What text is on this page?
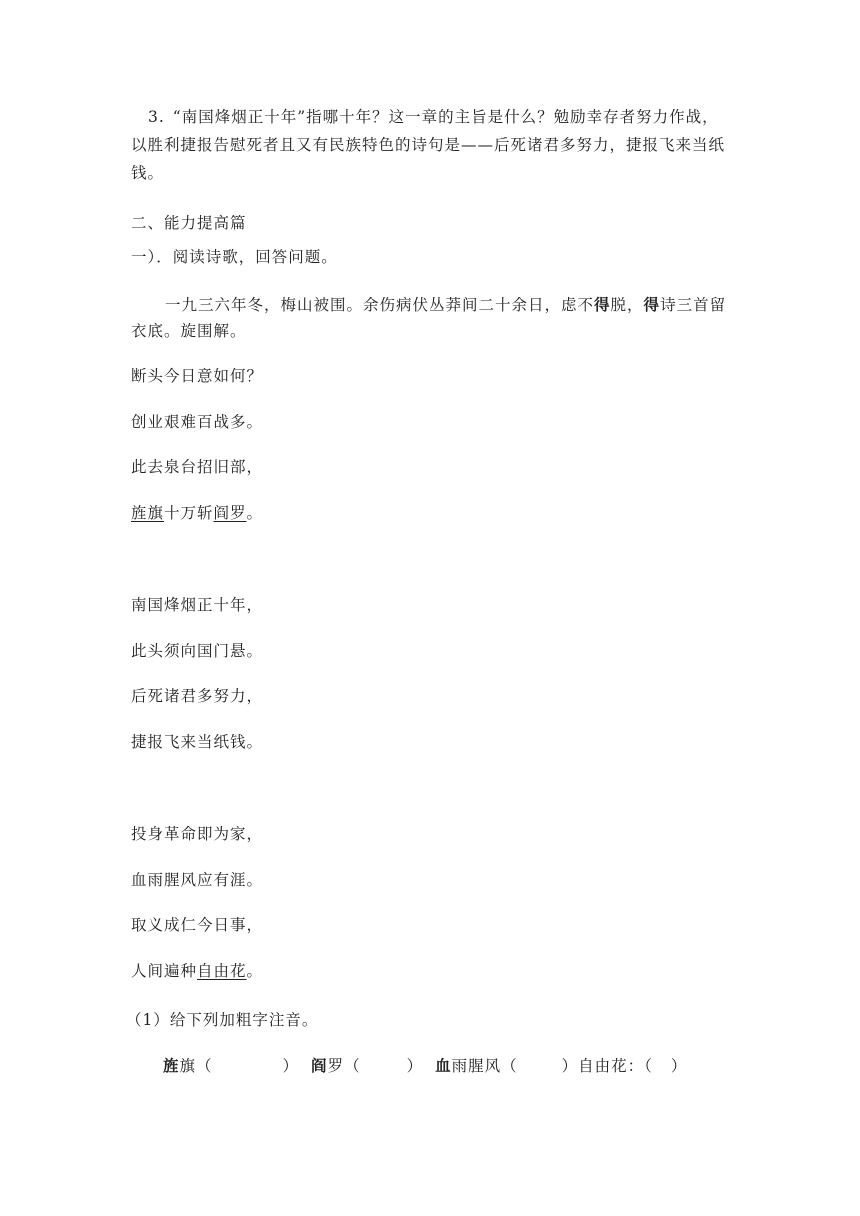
3. “南国烽烟正十年”指哪十年？这一章的主旨是什么？勉励幸存者努力作战，以胜利捷报告慰死者且又有民族特色的诗句是——后死诸君多努力，捷报飞来当纸钱。

二、能力提高篇

一）．阅读诗歌，回答问题。

一九三六年冬，梅山被围。余伤病伏丛莽间二十余日，虑不得脱，得诗三首留衣底。旋围解。

断头今日意如何？

创业艰难百战多。

此去泉台招旧部，

旌旗十万斩阎罗。

南国烽烟正十年，

此头须向国门悬。

后死诸君多努力，

捷报飞来当纸钱。

投身革命即为家，

血雨腥风应有涯。

取义成仁今日事，

人间遍种自由花。

（1）给下列加粗字注音。

旌旗（	） 阎罗（	） 血雨腥风（	）自由花：（ ）
